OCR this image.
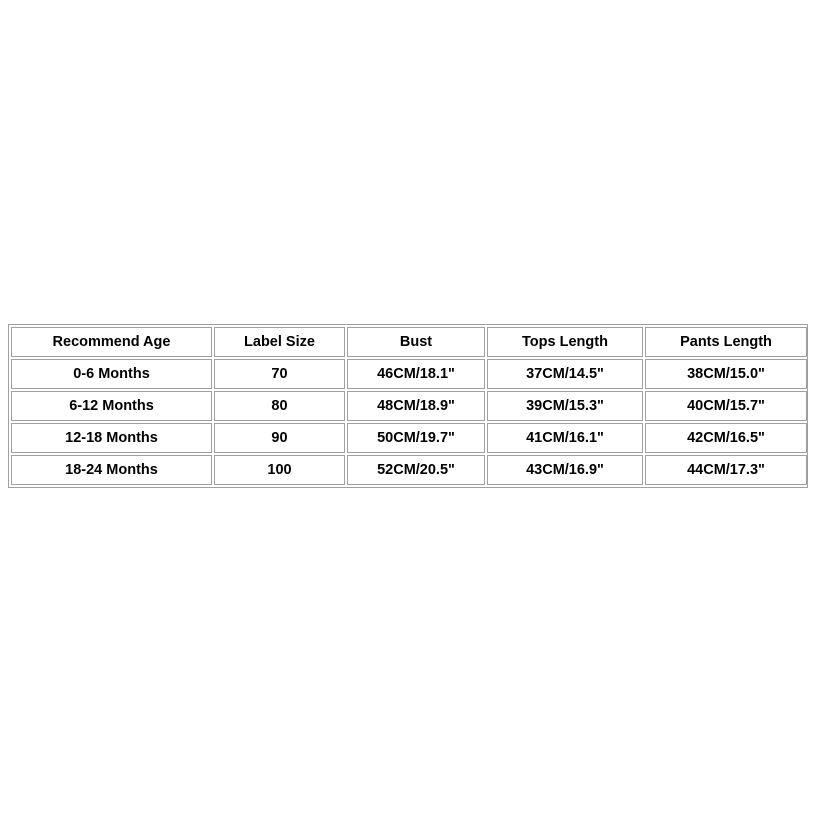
Recommend Age	Label Size	Bust	Tops Length	Pants Length
0-6 Months	70	46CM/18.1"	37CM/14.5"	38CM/15.0"
6-12 Months	80	48CM/18.9"	39CM/15.3"	40CM/15.7"
12-18 Months	90	50CM/19.7"	41CM/16.1"	42CM/16.5"
18-24 Months	100	52CM/20.5"	43CM/16.9"	44CM/17.3"
